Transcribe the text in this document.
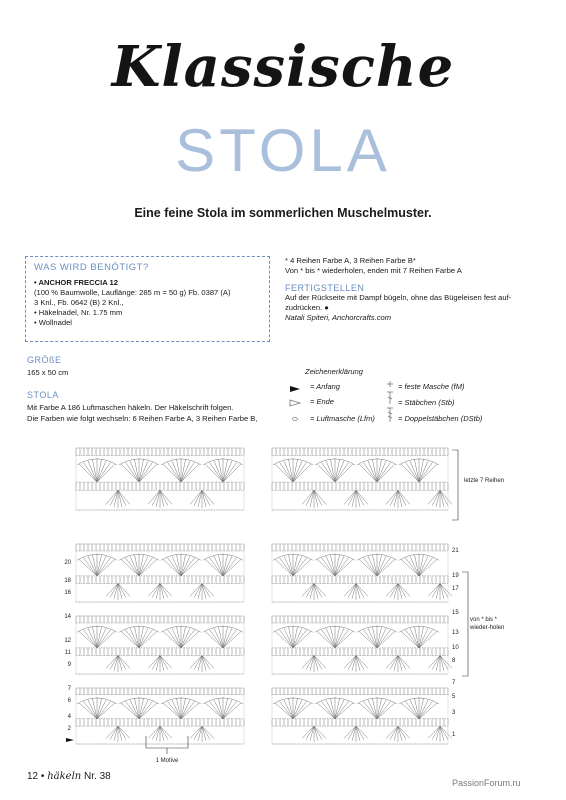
Klassische
STOLA
Eine feine Stola im sommerlichen Muschelmuster.
WAS WIRD BENÖTIGT?
• ANCHOR FRECCIA 12
(100 % Baumwolle, Lauflänge: 285 m = 50 g) Fb. 0387 (A)
3 Knl., Fb. 0642 (B) 2 Knl.,
• Häkelnadel, Nr. 1.75 mm
• Wollnadel
* 4 Reihen Farbe A, 3 Reihen Farbe B*
Von * bis * wiederholen, enden mit 7 Reihen Farbe A
FERTIGSTELLEN
Auf der Rückseite mit Dampf bügeln, ohne das Bügeleisen fest auf-
zudrücken. ●
Natali Spiteri, Anchorcrafts.com
GRÖßE
165 x 50 cm
STOLA
Mit Farbe A 186 Luftmaschen häkeln. Der Häkelschrift folgen.
Die Farben wie folgt wechseln: 6 Reihen Farbe A, 3 Reihen Farbe B,
Zeichenerklärung
= Anfang
= Ende
= Luftmasche (Lfm)
= feste Masche (fM)
= Stäbchen (Stb)
= Doppelstäbchen (DStb)
20
18
16
14
12
11
9
7
6
4
2
21
19
17
15
13
10
8
7
5
3
1
letzte 7 Reihen
von * bis *
wieder-holen
1 Motive
12 • häkeln Nr. 38
PassionForum.ru
